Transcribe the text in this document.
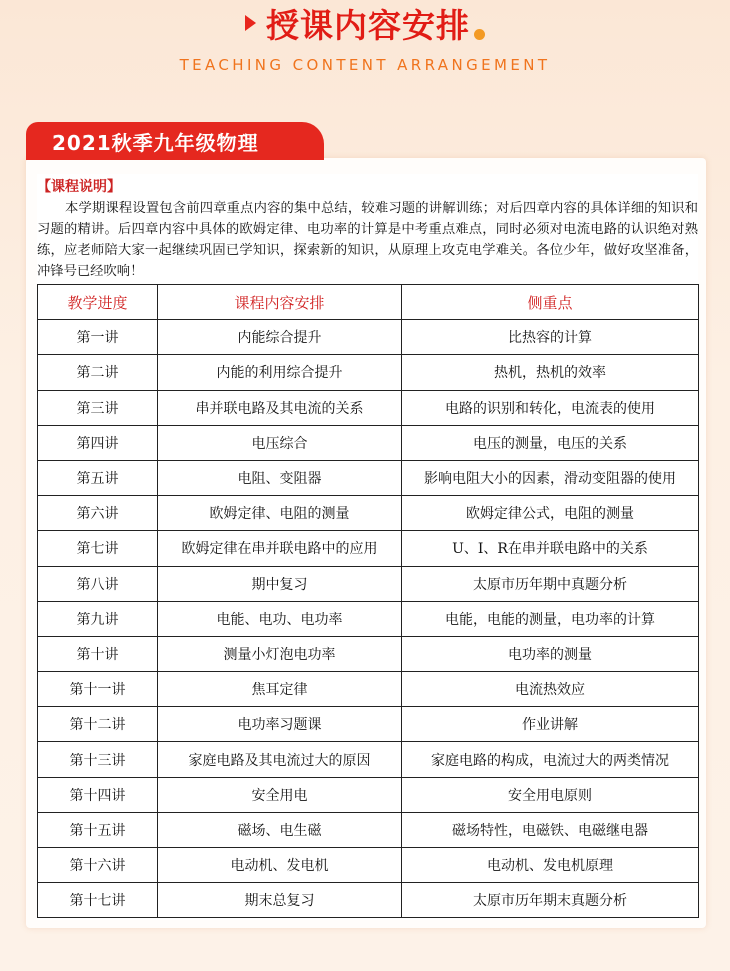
授课内容安排
TEACHING CONTENT ARRANGEMENT
2021秋季九年级物理
【课程说明】
本学期课程设置包含前四章重点内容的集中总结，较难习题的讲解训练；对后四章内容的具体详细的知识和习题的精讲。后四章内容中具体的欧姆定律、电功率的计算是中考重点难点，同时必须对电流电路的认识绝对熟练，应老师陪大家一起继续巩固已学知识，探索新的知识，从原理上攻克电学难关。各位少年，做好攻坚准备，冲锋号已经吹响！
教学进度	课程内容安排	侧重点
第一讲	内能综合提升	比热容的计算
第二讲	内能的利用综合提升	热机，热机的效率
第三讲	串并联电路及其电流的关系	电路的识别和转化，电流表的使用
第四讲	电压综合	电压的测量，电压的关系
第五讲	电阻、变阻器	影响电阻大小的因素，滑动变阻器的使用
第六讲	欧姆定律、电阻的测量	欧姆定律公式，电阻的测量
第七讲	欧姆定律在串并联电路中的应用	U、I、R在串并联电路中的关系
第八讲	期中复习	太原市历年期中真题分析
第九讲	电能、电功、电功率	电能，电能的测量，电功率的计算
第十讲	测量小灯泡电功率	电功率的测量
第十一讲	焦耳定律	电流热效应
第十二讲	电功率习题课	作业讲解
第十三讲	家庭电路及其电流过大的原因	家庭电路的构成，电流过大的两类情况
第十四讲	安全用电	安全用电原则
第十五讲	磁场、电生磁	磁场特性，电磁铁、电磁继电器
第十六讲	电动机、发电机	电动机、发电机原理
第十七讲	期末总复习	太原市历年期末真题分析
